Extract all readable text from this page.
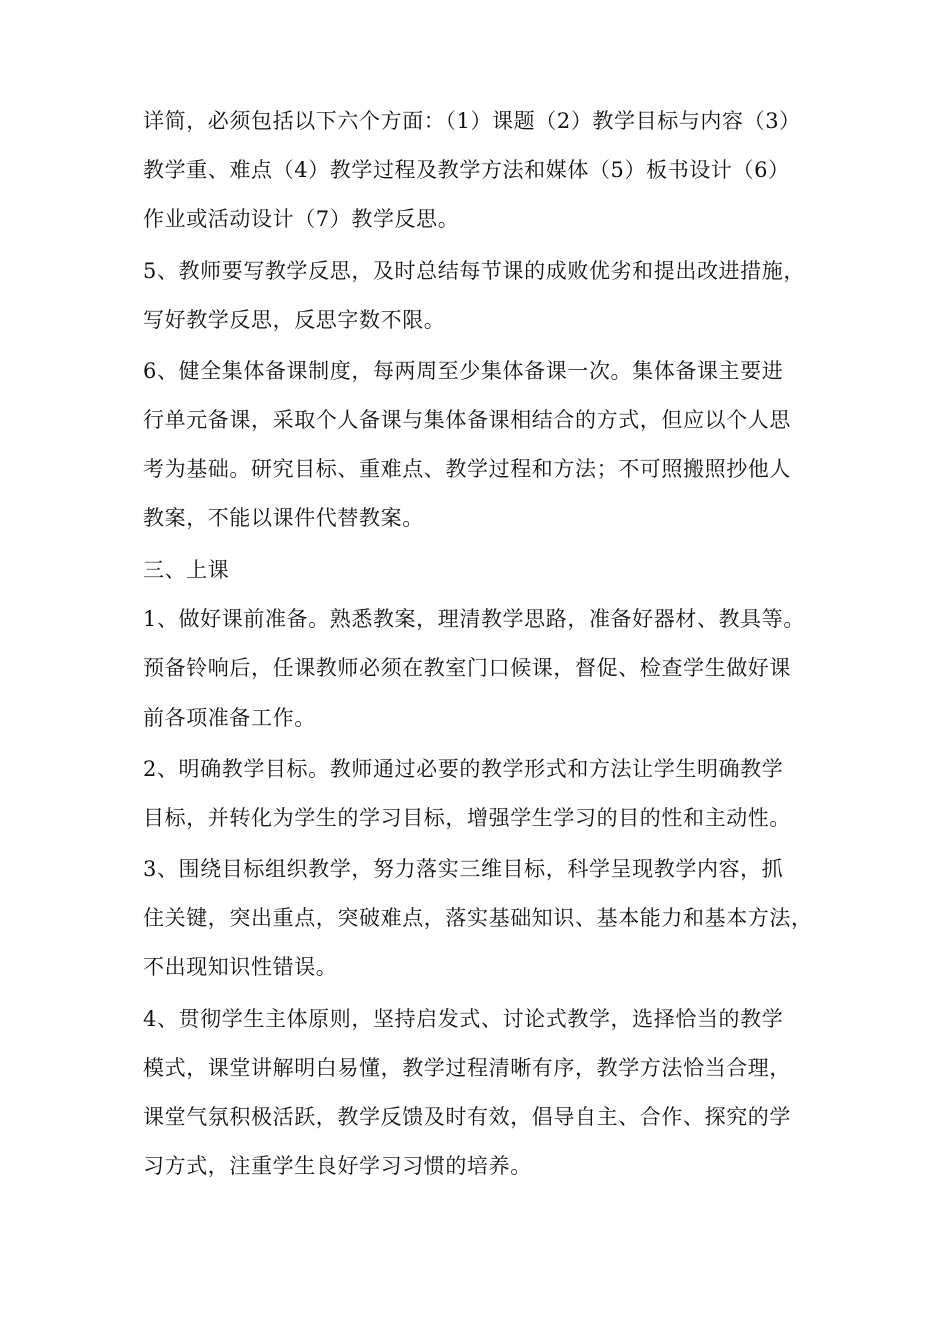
详简，必须包括以下六个方面：（1）课题（2）教学目标与内容（3）
教学重、难点（4）教学过程及教学方法和媒体（5）板书设计（6）
作业或活动设计（7）教学反思。
5、教师要写教学反思，及时总结每节课的成败优劣和提出改进措施，
写好教学反思，反思字数不限。
6、健全集体备课制度，每两周至少集体备课一次。集体备课主要进
行单元备课，采取个人备课与集体备课相结合的方式，但应以个人思
考为基础。研究目标、重难点、教学过程和方法；不可照搬照抄他人
教案，不能以课件代替教案。
三、上课
1、做好课前准备。熟悉教案，理清教学思路，准备好器材、教具等。
预备铃响后，任课教师必须在教室门口候课，督促、检查学生做好课
前各项准备工作。
2、明确教学目标。教师通过必要的教学形式和方法让学生明确教学
目标，并转化为学生的学习目标，增强学生学习的目的性和主动性。
3、围绕目标组织教学，努力落实三维目标，科学呈现教学内容，抓
住关键，突出重点，突破难点，落实基础知识、基本能力和基本方法，
不出现知识性错误。
4、贯彻学生主体原则，坚持启发式、讨论式教学，选择恰当的教学
模式，课堂讲解明白易懂，教学过程清晰有序，教学方法恰当合理，
课堂气氛积极活跃，教学反馈及时有效，倡导自主、合作、探究的学
习方式，注重学生良好学习习惯的培养。
